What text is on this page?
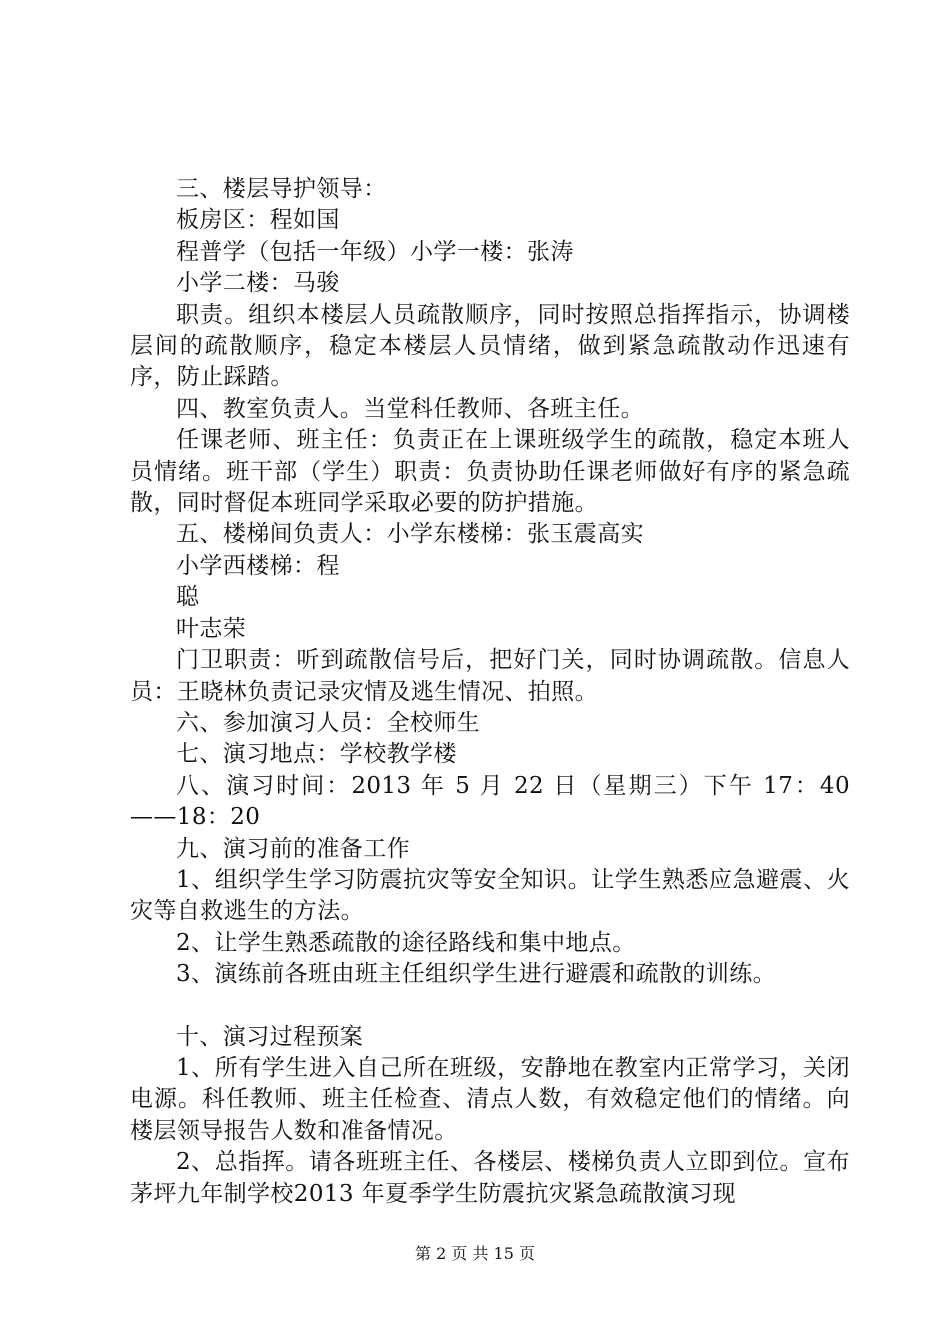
三、楼层导护领导：

板房区：程如国

程普学（包括一年级）小学一楼：张涛

小学二楼：马骏

职责。组织本楼层人员疏散顺序，同时按照总指挥指示，协调楼层间的疏散顺序，稳定本楼层人员情绪，做到紧急疏散动作迅速有序，防止踩踏。

四、教室负责人。当堂科任教师、各班主任。

任课老师、班主任：负责正在上课班级学生的疏散，稳定本班人员情绪。班干部（学生）职责：负责协助任课老师做好有序的紧急疏散，同时督促本班同学采取必要的防护措施。

五、楼梯间负责人：小学东楼梯：张玉震高实

小学西楼梯：程

聪

叶志荣

门卫职责：听到疏散信号后，把好门关，同时协调疏散。信息人员：王晓林负责记录灾情及逃生情况、拍照。

六、参加演习人员：全校师生

七、演习地点：学校教学楼

八、演习时间：2013 年 5 月 22 日（星期三）下午 17：40——18：20

九、演习前的准备工作

1、组织学生学习防震抗灾等安全知识。让学生熟悉应急避震、火灾等自救逃生的方法。

2、让学生熟悉疏散的途径路线和集中地点。

3、演练前各班由班主任组织学生进行避震和疏散的训练。

十、演习过程预案

1、所有学生进入自己所在班级，安静地在教室内正常学习，关闭电源。科任教师、班主任检查、清点人数，有效稳定他们的情绪。向楼层领导报告人数和准备情况。

2、总指挥。请各班班主任、各楼层、楼梯负责人立即到位。宣布茅坪九年制学校2013 年夏季学生防震抗灾紧急疏散演习现

第 2 页 共 15 页
